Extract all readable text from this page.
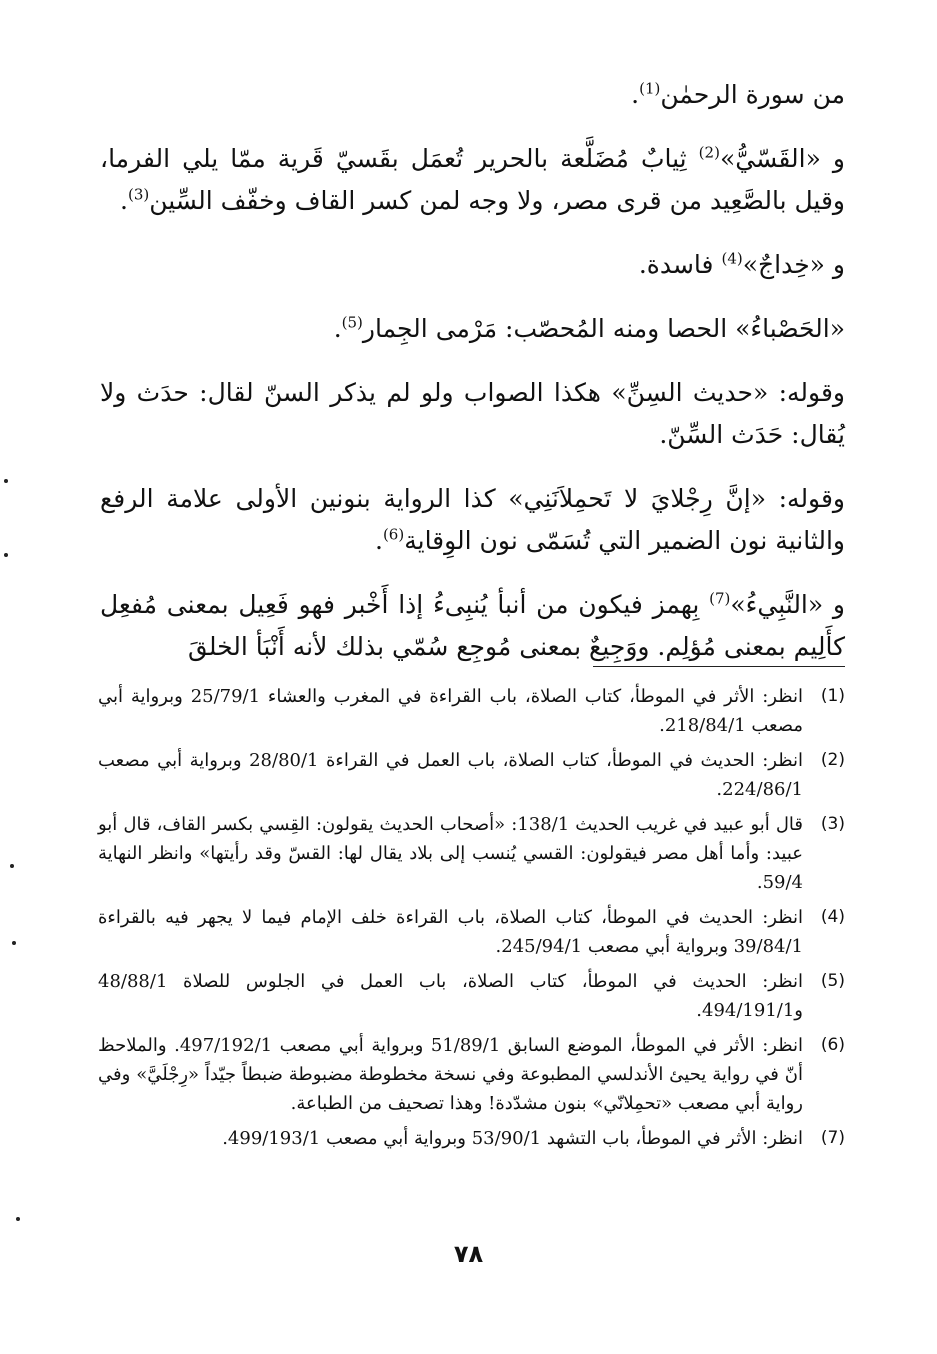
من سورة الرحمٰن$^{(1)}$.

و «القَسّيُّ»$^{(2)}$ ثِيابٌ مُضَلَّعة بالحرير تُعمَل بقَسيّ قَرية ممّا يلي الفرما، وقيل بالصَّعِيد من قرى مصر، ولا وجه لمن كسر القاف وخفّف السِّين$^{(3)}$.

و «خِداجٌ»$^{(4)}$ فاسدة.

«الحَصْباءُ» الحصا ومنه المُحصّب: مَرْمى الجِمار$^{(5)}$.

وقوله: «حديث السِنِّ» هكذا الصواب ولو لم يذكر السنّ لقال: حدَث ولا يُقال: حَدَث السِّنّ.

وقوله: «إنَّ رِجْلايَ لا تَحمِلاَنَنِي» كذا الرواية بنونين الأولى علامة الرفع والثانية نون الضمير التي تُسَمّى نون الوِقاية$^{(6)}$.

و «النَّبِيءُ»$^{(7)}$ بِهمز فيكون من أنبأ يُنبِىءُ إذا أَخْبر فهو فَعِيل بمعنى مُفعِل كأَلِيم بمعنى مُؤلِم. ووَجِيعٌ بمعنى مُوجِع سُمّي بذلك لأنه أَنْبَأ الخلقَ

(1)
انظر: الأثر في الموطأ، كتاب الصلاة، باب القراءة في المغرب والعشاء 25/79/1 وبرواية أبي مصعب 218/84/1.
(2)
انظر: الحديث في الموطأ، كتاب الصلاة، باب العمل في القراءة 28/80/1 وبرواية أبي مصعب 224/86/1.
(3)
قال أبو عبيد في غريب الحديث 138/1: «أصحاب الحديث يقولون: القِسي بكسر القاف، قال أبو عبيد: وأما أهل مصر فيقولون: القسي يُنسب إلى بلاد يقال لها: القسّ وقد رأيتها» وانظر النهاية 59/4.
(4)
انظر: الحديث في الموطأ، كتاب الصلاة، باب القراءة خلف الإمام فيما لا يجهر فيه بالقراءة 39/84/1 وبرواية أبي مصعب 245/94/1.
(5)
انظر: الحديث في الموطأ، كتاب الصلاة، باب العمل في الجلوس للصلاة 48/88/1 و494/191/1.
(6)
انظر: الأثر في الموطأ، الموضع السابق 51/89/1 وبرواية أبي مصعب 497/192/1. والملاحظ أنّ في رواية يحيئ الأندلسي المطبوعة وفي نسخة مخطوطة مضبوطة ضبطاً جيّداً «رِجْلَيَّ» وفي رواية أبي مصعب «تحمِلانّي» بنون مشدّدة! وهذا تصحيف من الطباعة.
(7)
انظر: الأثر في الموطأ، باب التشهد 53/90/1 وبرواية أبي مصعب 499/193/1.
٧٨
